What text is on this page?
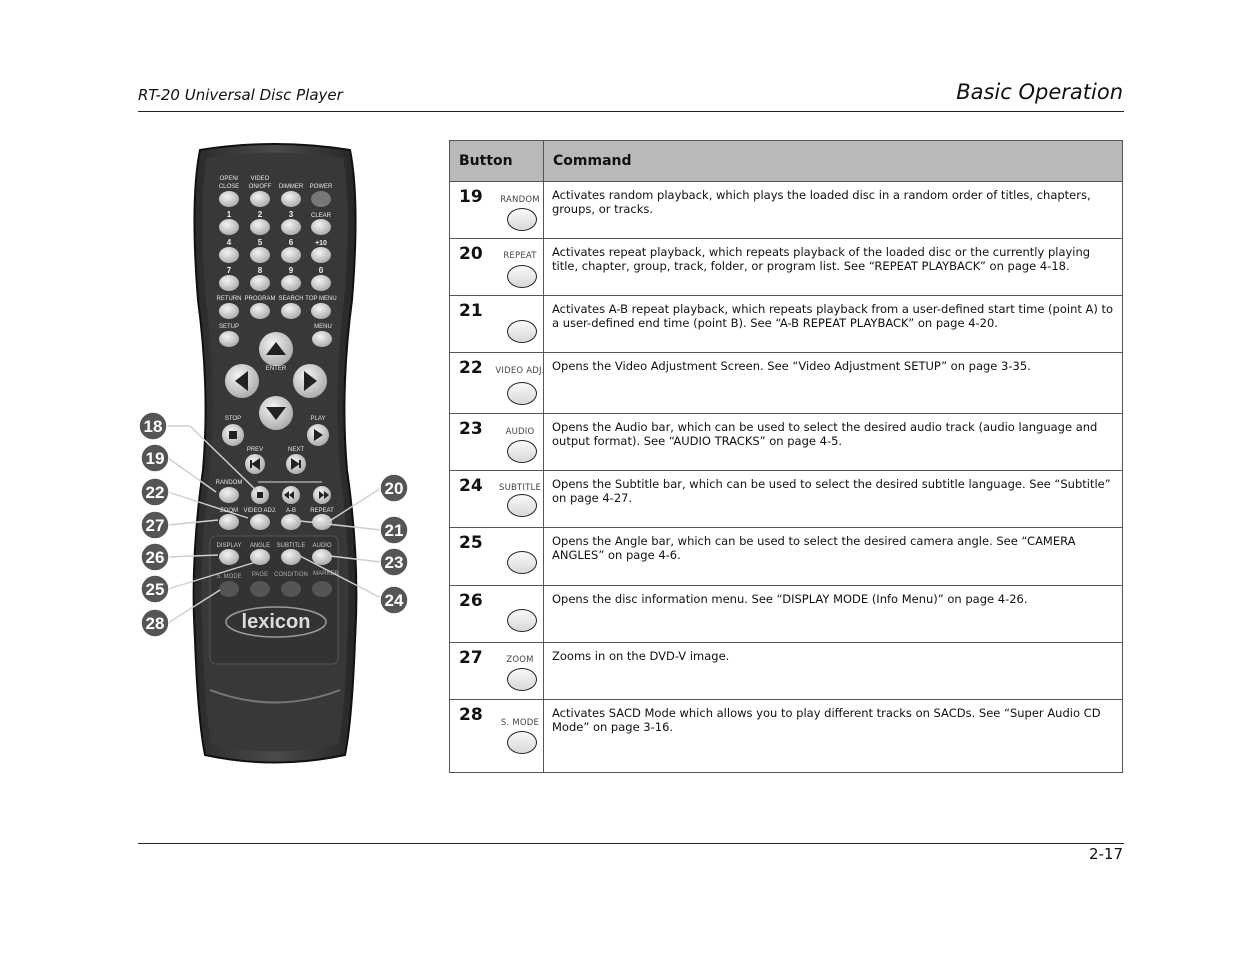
RT-20 Universal Disc Player	Basic Operation
OPEN/
CLOSE
VIDEO
ON/OFF DIMMER POWER
1	2	3	CLEAR
4	5	6	+10
7	8	9	0
RETURN PROGRAM SEARCH TOP MENU
SETUP	MENU
ENTER
STOP	PLAY
PREV	NEXT
RANDOM
ZOOM VIDEO ADJ. A-B REPEAT
DISPLAY ANGLE SUBTITLE AUDIO
S. MODE PAGE CONDITION MARKER
lexicon
18
19
22
27
26
25
28
20
21
23
24
Button	Command

19 RANDOM	Activates random playback, which plays the loaded disc in a random order of titles, chapters, groups, or tracks.

20 REPEAT	Activates repeat playback, which repeats playback of the loaded disc or the currently playing title, chapter, group, track, folder, or program list. See “REPEAT PLAYBACK” on page 4-18.

21	Activates A-B repeat playback, which repeats playback from a user-defined start time (point A) to a user-defined end time (point B). See “A-B REPEAT PLAYBACK” on page 4-20.

22 VIDEO ADJ.	Opens the Video Adjustment Screen. See “Video Adjustment SETUP” on page 3-35.

23 AUDIO	Opens the Audio bar, which can be used to select the desired audio track (audio language and output format). See “AUDIO TRACKS” on page 4-5.

24 SUBTITLE	Opens the Subtitle bar, which can be used to select the desired subtitle language. See “Subtitle” on page 4-27.

25	Opens the Angle bar, which can be used to select the desired camera angle. See “CAMERA ANGLES” on page 4-6.

26	Opens the disc information menu. See “DISPLAY MODE (Info Menu)” on page 4-26.

27 ZOOM	Zooms in on the DVD-V image.

28 S. MODE	Activates SACD Mode which allows you to play different tracks on SACDs. See “Super Audio CD Mode” on page 3-16.
2-17
